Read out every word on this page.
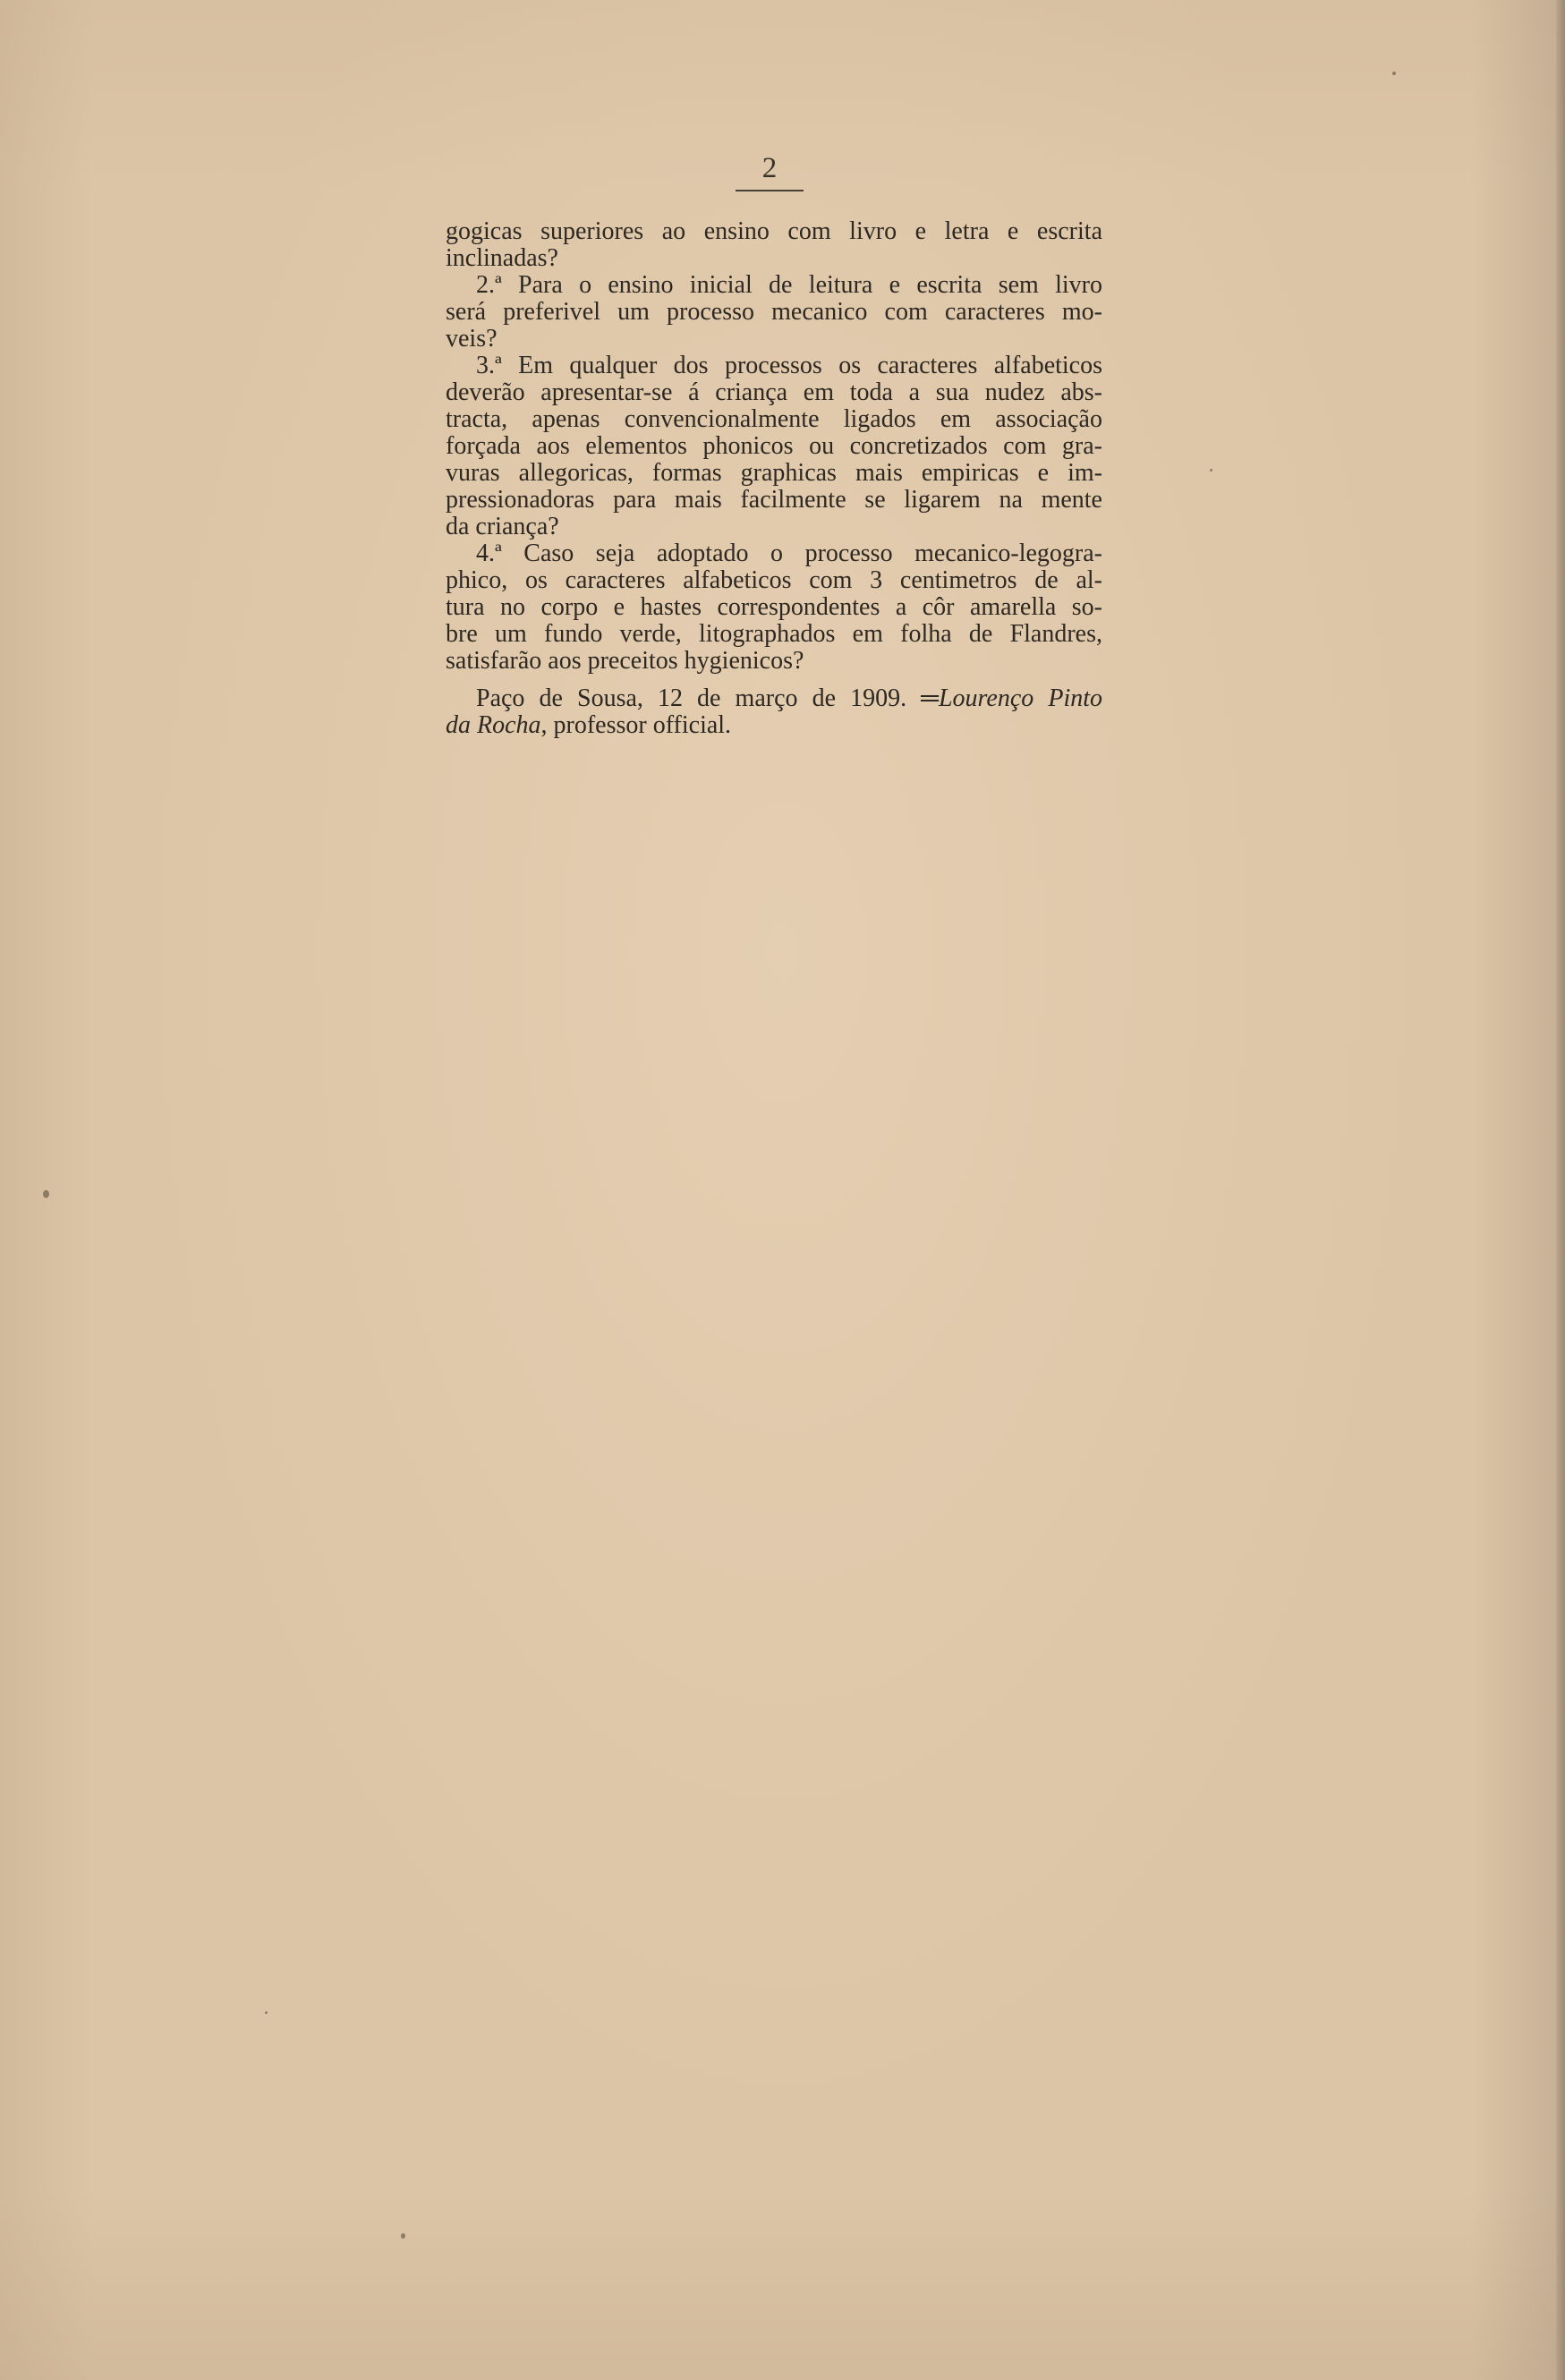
2
gogicas superiores ao ensino com livro e letra e escrita
inclinadas?
2.ª Para o ensino inicial de leitura e escrita sem livro
será preferivel um processo mecanico com caracteres mo-
veis?
3.ª Em qualquer dos processos os caracteres alfabeticos
deverão apresentar-se á criança em toda a sua nudez abs-
tracta, apenas convencionalmente ligados em associação
forçada aos elementos phonicos ou concretizados com gra-
vuras allegoricas, formas graphicas mais empiricas e im-
pressionadoras para mais facilmente se ligarem na mente
da criança?
4.ª Caso seja adoptado o processo mecanico-legogra-
phico, os caracteres alfabeticos com 3 centimetros de al-
tura no corpo e hastes correspondentes a côr amarella so-
bre um fundo verde, litographados em folha de Flandres,
satisfarão aos preceitos hygienicos?
Paço de Sousa, 12 de março de 1909. ═Lourenço Pinto
da Rocha, professor official.
